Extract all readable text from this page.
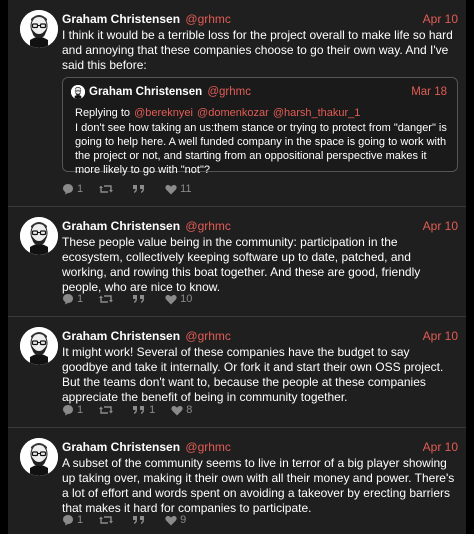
Graham Christensen @grhmc	Apr 10
I think it would be a terrible loss for the project overall to make life so hard and annoying that these companies choose to go their own way. And I've said this before:
Graham Christensen @grhmc	Mar 18
Replying to @bereknyei @domenkozar @harsh_thakur_1
I don't see how taking an us:them stance or trying to protect from "danger" is going to help here. A well funded company in the space is going to work with the project or not, and starting from an oppositional perspective makes it more likely to go with "not"?
1	11
Graham Christensen @grhmc	Apr 10
These people value being in the community: participation in the ecosystem, collectively keeping software up to date, patched, and working, and rowing this boat together. And these are good, friendly people, who are nice to know.
1	10
Graham Christensen @grhmc	Apr 10
It might work! Several of these companies have the budget to say goodbye and take it internally. Or fork it and start their own OSS project. But the teams don't want to, because the people at these companies appreciate the benefit of being in community together.
1	1	8
Graham Christensen @grhmc	Apr 10
A subset of the community seems to live in terror of a big player showing up taking over, making it their own with all their money and power. There's a lot of effort and words spent on avoiding a takeover by erecting barriers that makes it hard for companies to participate.
1	9
